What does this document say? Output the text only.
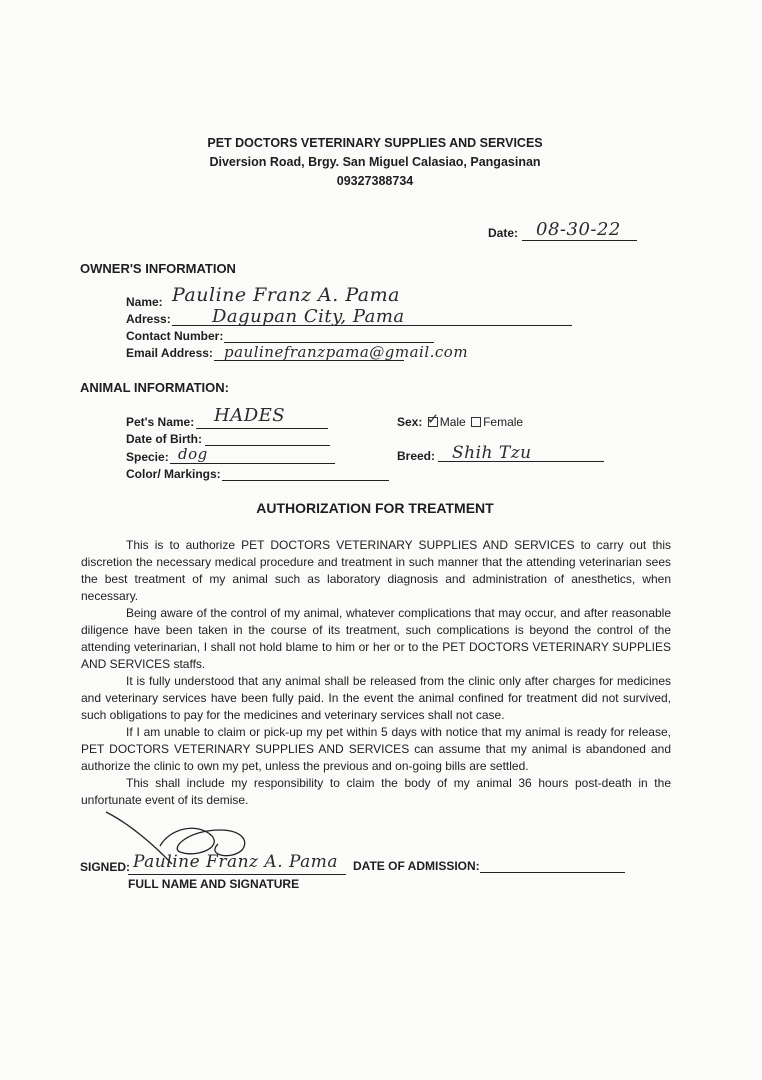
PET DOCTORS VETERINARY SUPPLIES AND SERVICES
Diversion Road, Brgy. San Miguel Calasiao, Pangasinan
09327388734
Date: 08-30-22
OWNER'S INFORMATION
Name: Pauline Franz A. Pama
Adress: Dagupan City, Pama
Contact Number:
Email Address: paulinefranzpama@gmail.com
ANIMAL INFORMATION:
Pet's Name: HADES
Date of Birth:
Specie: dog
Color/ Markings:
Sex: ✓ Male Female
Breed: Shih Tzu
AUTHORIZATION FOR TREATMENT

This is to authorize PET DOCTORS VETERINARY SUPPLIES AND SERVICES to carry out this discretion the necessary medical procedure and treatment in such manner that the attending veterinarian sees the best treatment of my animal such as laboratory diagnosis and administration of anesthetics, when necessary.

Being aware of the control of my animal, whatever complications that may occur, and after reasonable diligence have been taken in the course of its treatment, such complications is beyond the control of the attending veterinarian, I shall not hold blame to him or her or to the PET DOCTORS VETERINARY SUPPLIES AND SERVICES staffs.

It is fully understood that any animal shall be released from the clinic only after charges for medicines and veterinary services have been fully paid. In the event the animal confined for treatment did not survived, such obligations to pay for the medicines and veterinary services shall not case.

If I am unable to claim or pick-up my pet within 5 days with notice that my animal is ready for release, PET DOCTORS VETERINARY SUPPLIES AND SERVICES can assume that my animal is abandoned and authorize the clinic to own my pet, unless the previous and on-going bills are settled.

This shall include my responsibility to claim the body of my animal 36 hours post-death in the unfortunate event of its demise.

SIGNED: Pauline Franz A. Pama
FULL NAME AND SIGNATURE
DATE OF ADMISSION:
